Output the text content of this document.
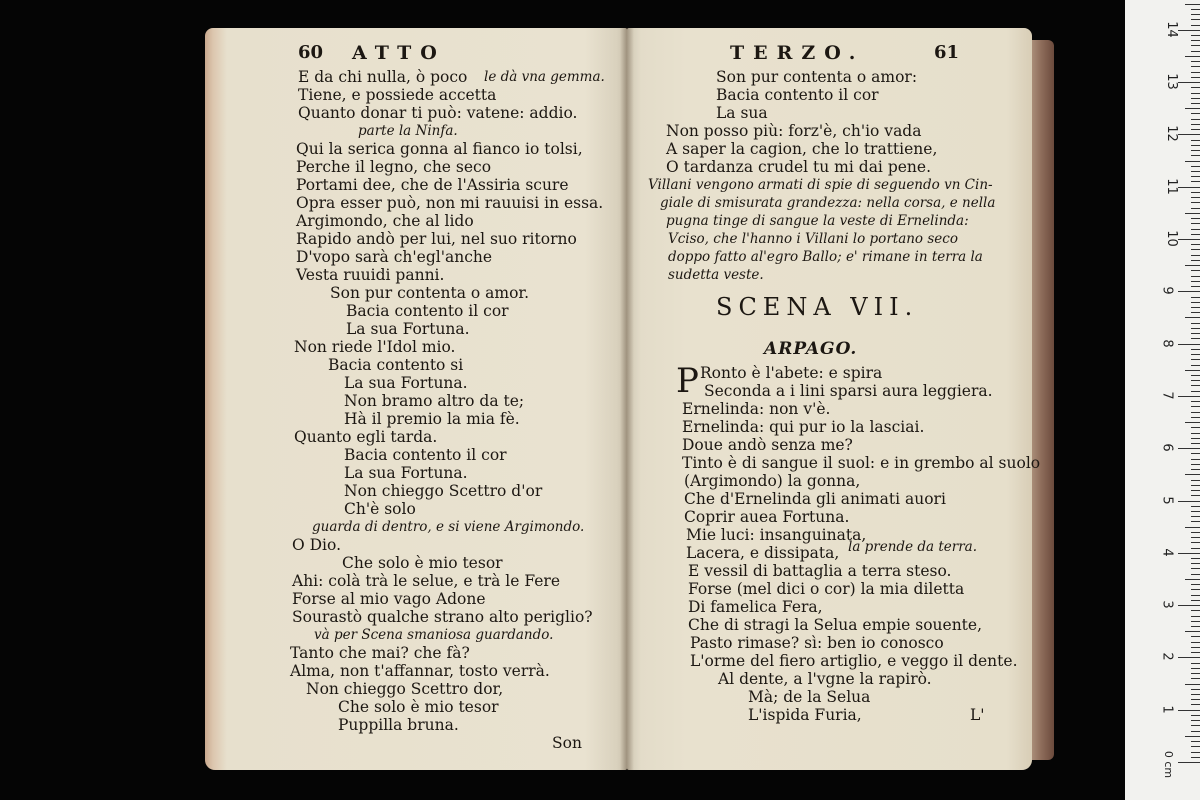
60 ATTO	TERZO.	61
E da chi nulla, ò poco le dà vna gemma.
Tiene, e possiede accetta
Quanto donar ti può: vatene: addio.
parte la Ninfa.
Qui la serica gonna al fianco io tolsi,
Perche il legno, che seco
Portami dee, che de l'Assiria scure
Opra esser può, non mi rauuisi in essa.
Argimondo, che al lido
Rapido andò per lui, nel suo ritorno
D'vopo sarà ch'egl'anche
Vesta ruuidi panni.
Son pur contenta o amor.
Bacia contento il cor
La sua Fortuna.
Non riede l'Idol mio.
Bacia contento si
La sua Fortuna.
Non bramo altro da te;
Hà il premio la mia fè.
Quanto egli tarda.
Bacia contento il cor
La sua Fortuna.
Non chieggo Scettro d'or
Ch'è solo
guarda di dentro, e si viene Argimondo.
O Dio.
Che solo è mio tesor
Ahi: colà trà le selue, e trà le Fere
Forse al mio vago Adone
Sourastò qualche strano alto periglio?
và per Scena smaniosa guardando.
Tanto che mai? che fà?
Alma, non t'affannar, tosto verrà.
Non chieggo Scettro dor,
Che solo è mio tesor
Puppilla bruna.
Son
Son pur contenta o amor:
Bacia contento il cor
La sua
Non posso più: forz'è, ch'io vada
A saper la cagion, che lo trattiene,
O tardanza crudel tu mi dai pene.
Villani vengono armati di spie di seguendo vn Cin-
giale di smisurata grandezza: nella corsa, e nella
pugna tinge di sangue la veste di Ernelinda:
Vciso, che l'hanno i Villani lo portano seco
doppo fatto al'egro Ballo; e' rimane in terra la
sudetta veste.
Ronto è l'abete: e spira
Seconda a i lini sparsi aura leggiera.
Ernelinda: non v'è.
Ernelinda: qui pur io la lasciai.
Doue andò senza me?
Tinto è di sangue il suol: e in grembo al suolo
(Argimondo) la gonna,
Che d'Ernelinda gli animati auori
Coprir auea Fortuna.
Mie luci: insanguinata,
Lacera, e dissipata, la prende da terra.
E vessil di battaglia a terra steso.
Forse (mel dici o cor) la mia diletta
Di famelica Fera,
Che di stragi la Selua empie souente,
Pasto rimase? sì: ben io conosco
L'orme del fiero artiglio, e veggo il dente.
Al dente, a l'vgne la rapirò.
Mà; de la Selua
L'ispida Furia,	L'
SCENA VII.
ARPAGO.
P
0 cm
1
2
3
4
5
6
7
8
9
10
11
12
13
14
